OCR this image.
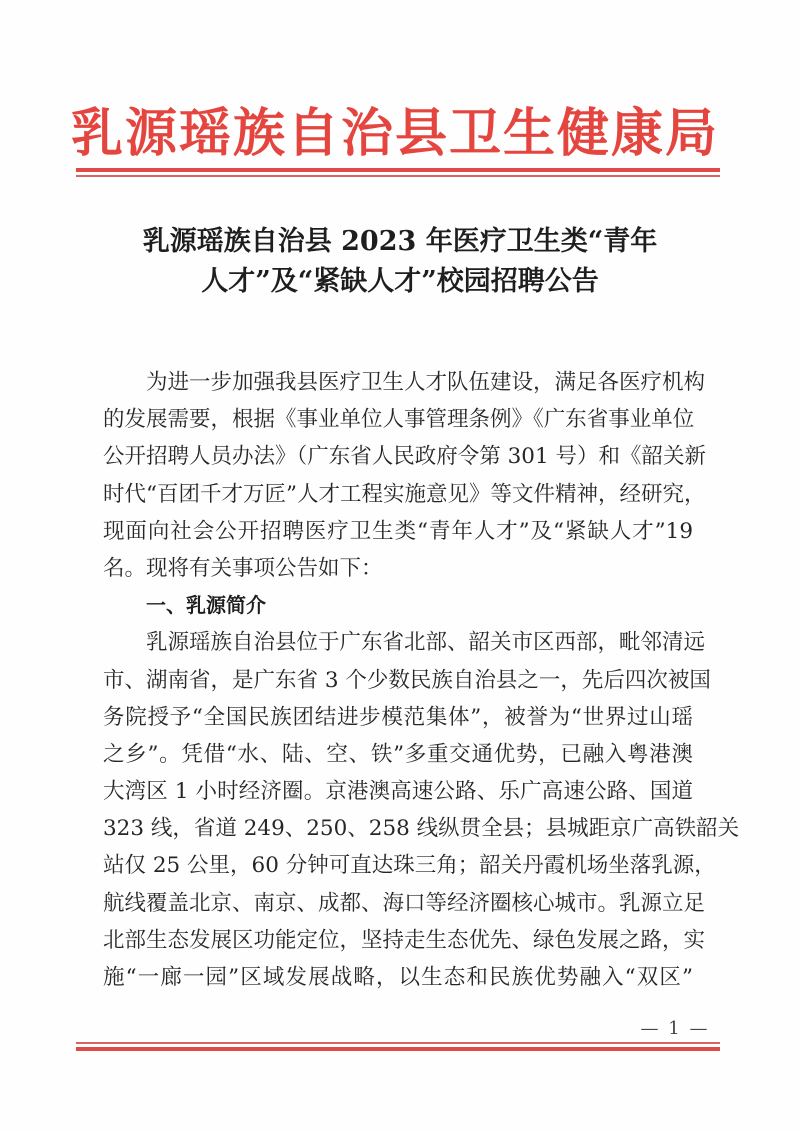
乳源瑶族自治县卫生健康局
乳源瑶族自治县 2023 年医疗卫生类“青年
人才”及“紧缺人才”校园招聘公告
为进一步加强我县医疗卫生人才队伍建设，满足各医疗机构
的发展需要，根据《事业单位人事管理条例》《广东省事业单位
公开招聘人员办法》（广东省人民政府令第 301 号）和《韶关新
时代“百团千才万匠”人才工程实施意见》等文件精神，经研究，
现面向社会公开招聘医疗卫生类“青年人才”及“紧缺人才”19
名。现将有关事项公告如下：
一、乳源简介
乳源瑶族自治县位于广东省北部、韶关市区西部，毗邻清远
市、湖南省，是广东省 3 个少数民族自治县之一，先后四次被国
务院授予“全国民族团结进步模范集体”，被誉为“世界过山瑶
之乡”。凭借“水、陆、空、铁”多重交通优势，已融入粤港澳
大湾区 1 小时经济圈。京港澳高速公路、乐广高速公路、国道
323 线，省道 249、250、258 线纵贯全县；县城距京广高铁韶关
站仅 25 公里，60 分钟可直达珠三角；韶关丹霞机场坐落乳源，
航线覆盖北京、南京、成都、海口等经济圈核心城市。乳源立足
北部生态发展区功能定位，坚持走生态优先、绿色发展之路，实
施“一廊一园”区域发展战略，以生态和民族优势融入“双区”
— 1 —
